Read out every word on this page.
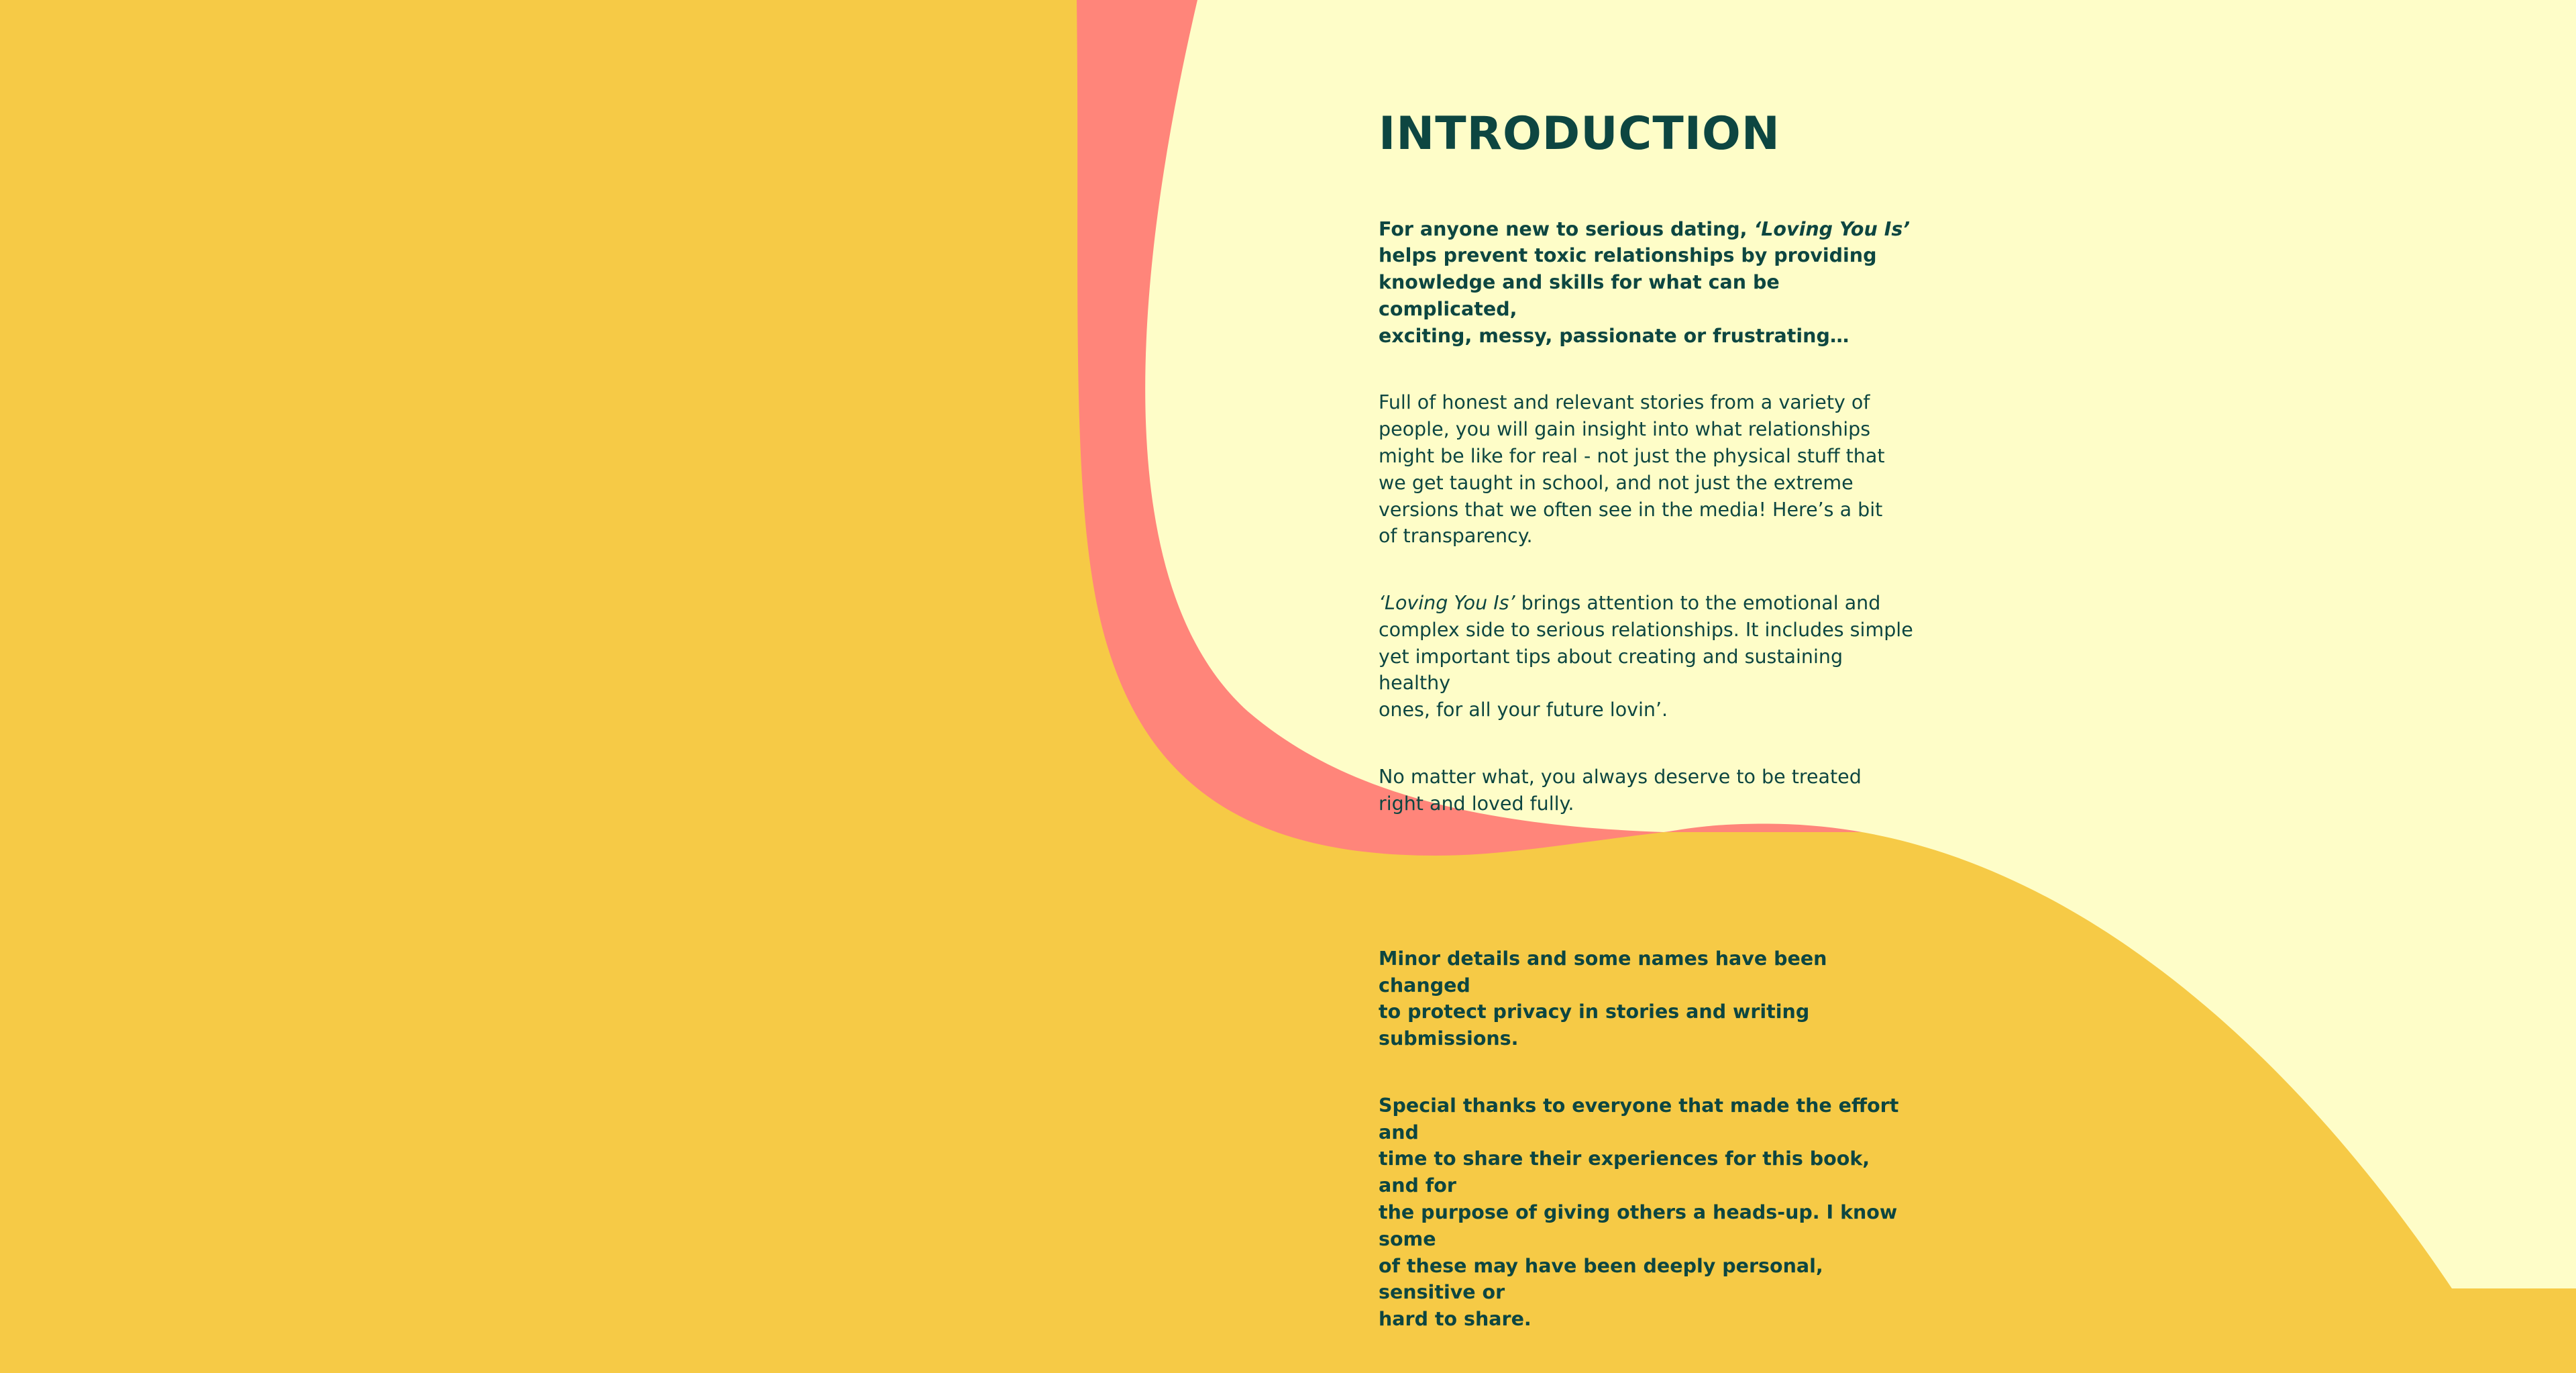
INTRODUCTION

For anyone new to serious dating, ‘Loving You Is’
helps prevent toxic relationships by providing
knowledge and skills for what can be complicated,
exciting, messy, passionate or frustrating…

Full of honest and relevant stories from a variety of
people, you will gain insight into what relationships
might be like for real - not just the physical stuff that
we get taught in school, and not just the extreme
versions that we often see in the media! Here’s a bit
of transparency.

‘Loving You Is’ brings attention to the emotional and
complex side to serious relationships. It includes simple
yet important tips about creating and sustaining healthy
ones, for all your future lovin’.

No matter what, you always deserve to be treated
right and loved fully.

Minor details and some names have been changed
to protect privacy in stories and writing submissions.

Special thanks to everyone that made the effort and
time to share their experiences for this book, and for
the purpose of giving others a heads-up. I know some
of these may have been deeply personal, sensitive or
hard to share.
